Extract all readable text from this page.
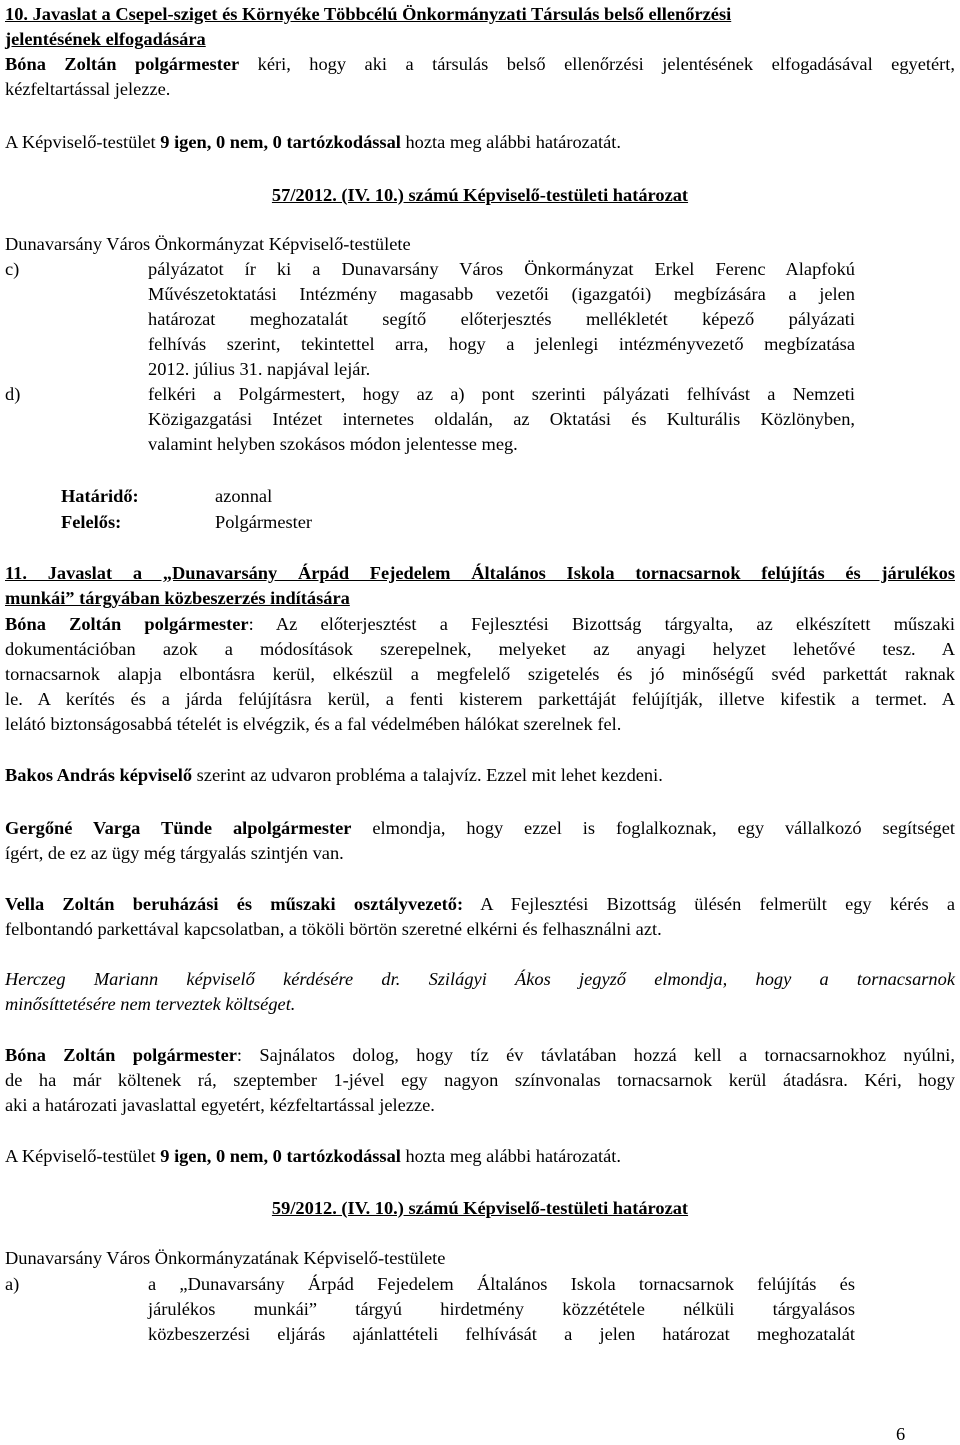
10. Javaslat a Csepel-sziget és Környéke Többcélú Önkormányzati Társulás belső ellenőrzési
jelentésének elfogadására
Bóna Zoltán polgármester kéri, hogy aki a társulás belső ellenőrzési jelentésének elfogadásával egyetért,
kézfeltartással jelezze.
A Képviselő-testület 9 igen, 0 nem, 0 tartózkodással hozta meg alábbi határozatát.
57/2012. (IV. 10.) számú Képviselő-testületi határozat
Dunavarsány Város Önkormányzat Képviselő-testülete
c)	pályázatot ír ki a Dunavarsány Város Önkormányzat Erkel Ferenc Alapfokú
Művészetoktatási Intézmény magasabb vezetői (igazgatói) megbízására a jelen
határozat meghozatalát segítő előterjesztés mellékletét képező pályázati
felhívás szerint, tekintettel arra, hogy a jelenlegi intézményvezető megbízatása
2012. július 31. napjával lejár.
d)	felkéri a Polgármestert, hogy az a) pont szerinti pályázati felhívást a Nemzeti
Közigazgatási Intézet internetes oldalán, az Oktatási és Kulturális Közlönyben,
valamint helyben szokásos módon jelentesse meg.
Határidő:	azonnal
Felelős:	Polgármester
11. Javaslat a „Dunavarsány Árpád Fejedelem Általános Iskola tornacsarnok felújítás és járulékos
munkái” tárgyában közbeszerzés indítására
Bóna Zoltán polgármester: Az előterjesztést a Fejlesztési Bizottság tárgyalta, az elkészített műszaki
dokumentációban azok a módosítások szerepelnek, melyeket az anyagi helyzet lehetővé tesz. A
tornacsarnok alapja elbontásra kerül, elkészül a megfelelő szigetelés és jó minőségű svéd parkettát raknak
le. A kerítés és a járda felújításra kerül, a fenti kisterem parkettáját felújítják, illetve kifestik a termet. A
lelátó biztonságosabbá tételét is elvégzik, és a fal védelmében hálókat szerelnek fel.
Bakos András képviselő szerint az udvaron probléma a talajvíz. Ezzel mit lehet kezdeni.
Gergőné Varga Tünde alpolgármester elmondja, hogy ezzel is foglalkoznak, egy vállalkozó segítséget
ígért, de ez az ügy még tárgyalás szintjén van.
Vella Zoltán beruházási és műszaki osztályvezető: A Fejlesztési Bizottság ülésén felmerült egy kérés a
felbontandó parkettával kapcsolatban, a tököli börtön szeretné elkérni és felhasználni azt.
Herczeg Mariann képviselő kérdésére dr. Szilágyi Ákos jegyző elmondja, hogy a tornacsarnok
minősíttetésére nem terveztek költséget.
Bóna Zoltán polgármester: Sajnálatos dolog, hogy tíz év távlatában hozzá kell a tornacsarnokhoz nyúlni,
de ha már költenek rá, szeptember 1-jével egy nagyon színvonalas tornacsarnok kerül átadásra. Kéri, hogy
aki a határozati javaslattal egyetért, kézfeltartással jelezze.
A Képviselő-testület 9 igen, 0 nem, 0 tartózkodással hozta meg alábbi határozatát.
59/2012. (IV. 10.) számú Képviselő-testületi határozat
Dunavarsány Város Önkormányzatának Képviselő-testülete
a)	a „Dunavarsány Árpád Fejedelem Általános Iskola tornacsarnok felújítás és
járulékos munkái” tárgyú hirdetmény közzététele nélküli tárgyalásos
közbeszerzési eljárás ajánlattételi felhívását a jelen határozat meghozatalát
6
